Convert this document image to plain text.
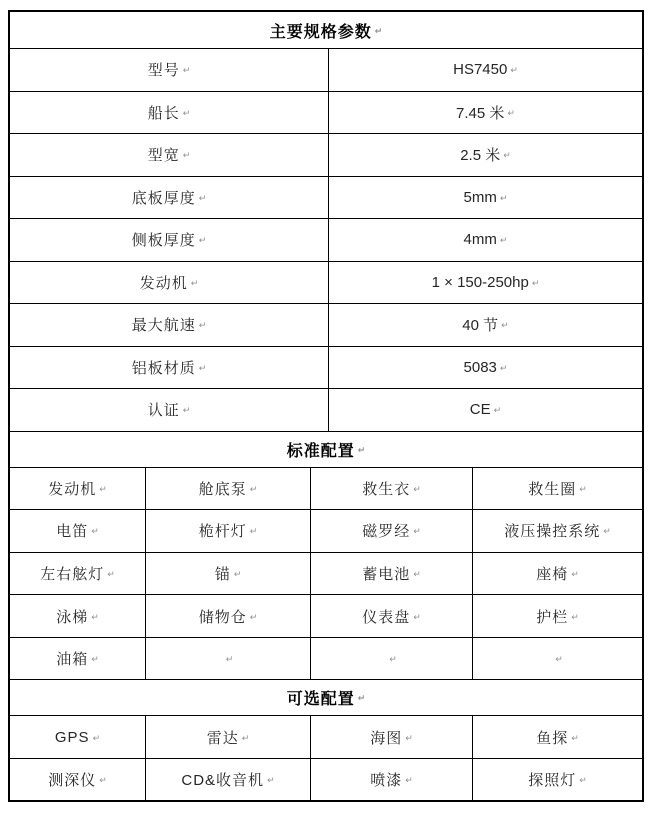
主要规格参数 ↵
型号 ↵	HS7450 ↵
船长 ↵	7.45 米 ↵
型宽 ↵	2.5 米 ↵
底板厚度 ↵	5mm ↵
侧板厚度 ↵	4mm ↵
发动机 ↵	1 × 150-250hp ↵
最大航速 ↵	40 节 ↵
铝板材质 ↵	5083 ↵
认证 ↵	CE ↵
标准配置 ↵
发动机 ↵	舱底泵 ↵	救生衣 ↵	救生圈 ↵
电笛 ↵	桅杆灯 ↵	磁罗经 ↵	液压操控系统 ↵
左右舷灯 ↵	锚 ↵	蓄电池 ↵	座椅 ↵
泳梯 ↵	储物仓 ↵	仪表盘 ↵	护栏 ↵
油箱 ↵	↵	↵	↵
可选配置 ↵
GPS ↵	雷达 ↵	海图 ↵	鱼探 ↵
测深仪 ↵	CD&收音机 ↵	喷漆 ↵	探照灯 ↵
